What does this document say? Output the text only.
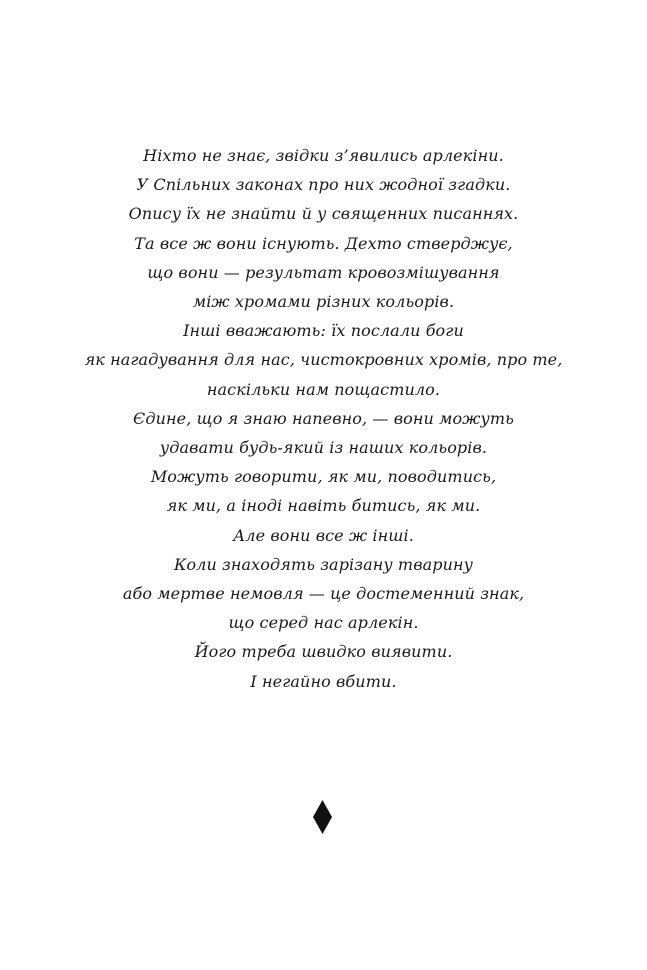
Ніхто не знає, звідки з’явились арлекіни.
У Спільних законах про них жодної згадки.
Опису їх не знайти й у священних писаннях.
Та все ж вони існують. Дехто стверджує,
що вони — результат кровозмішування
між хромами різних кольорів.
Інші вважають: їх послали боги
як нагадування для нас, чистокровних хромів, про те,
наскільки нам пощастило.
Єдине, що я знаю напевно, — вони можуть
удавати будь-який із наших кольорів.
Можуть говорити, як ми, поводитись,
як ми, а іноді навіть битись, як ми.
Але вони все ж інші.
Коли знаходять зарізану тварину
або мертве немовля — це достеменний знак,
що серед нас арлекін.
Його треба швидко виявити.
І негайно вбити.
